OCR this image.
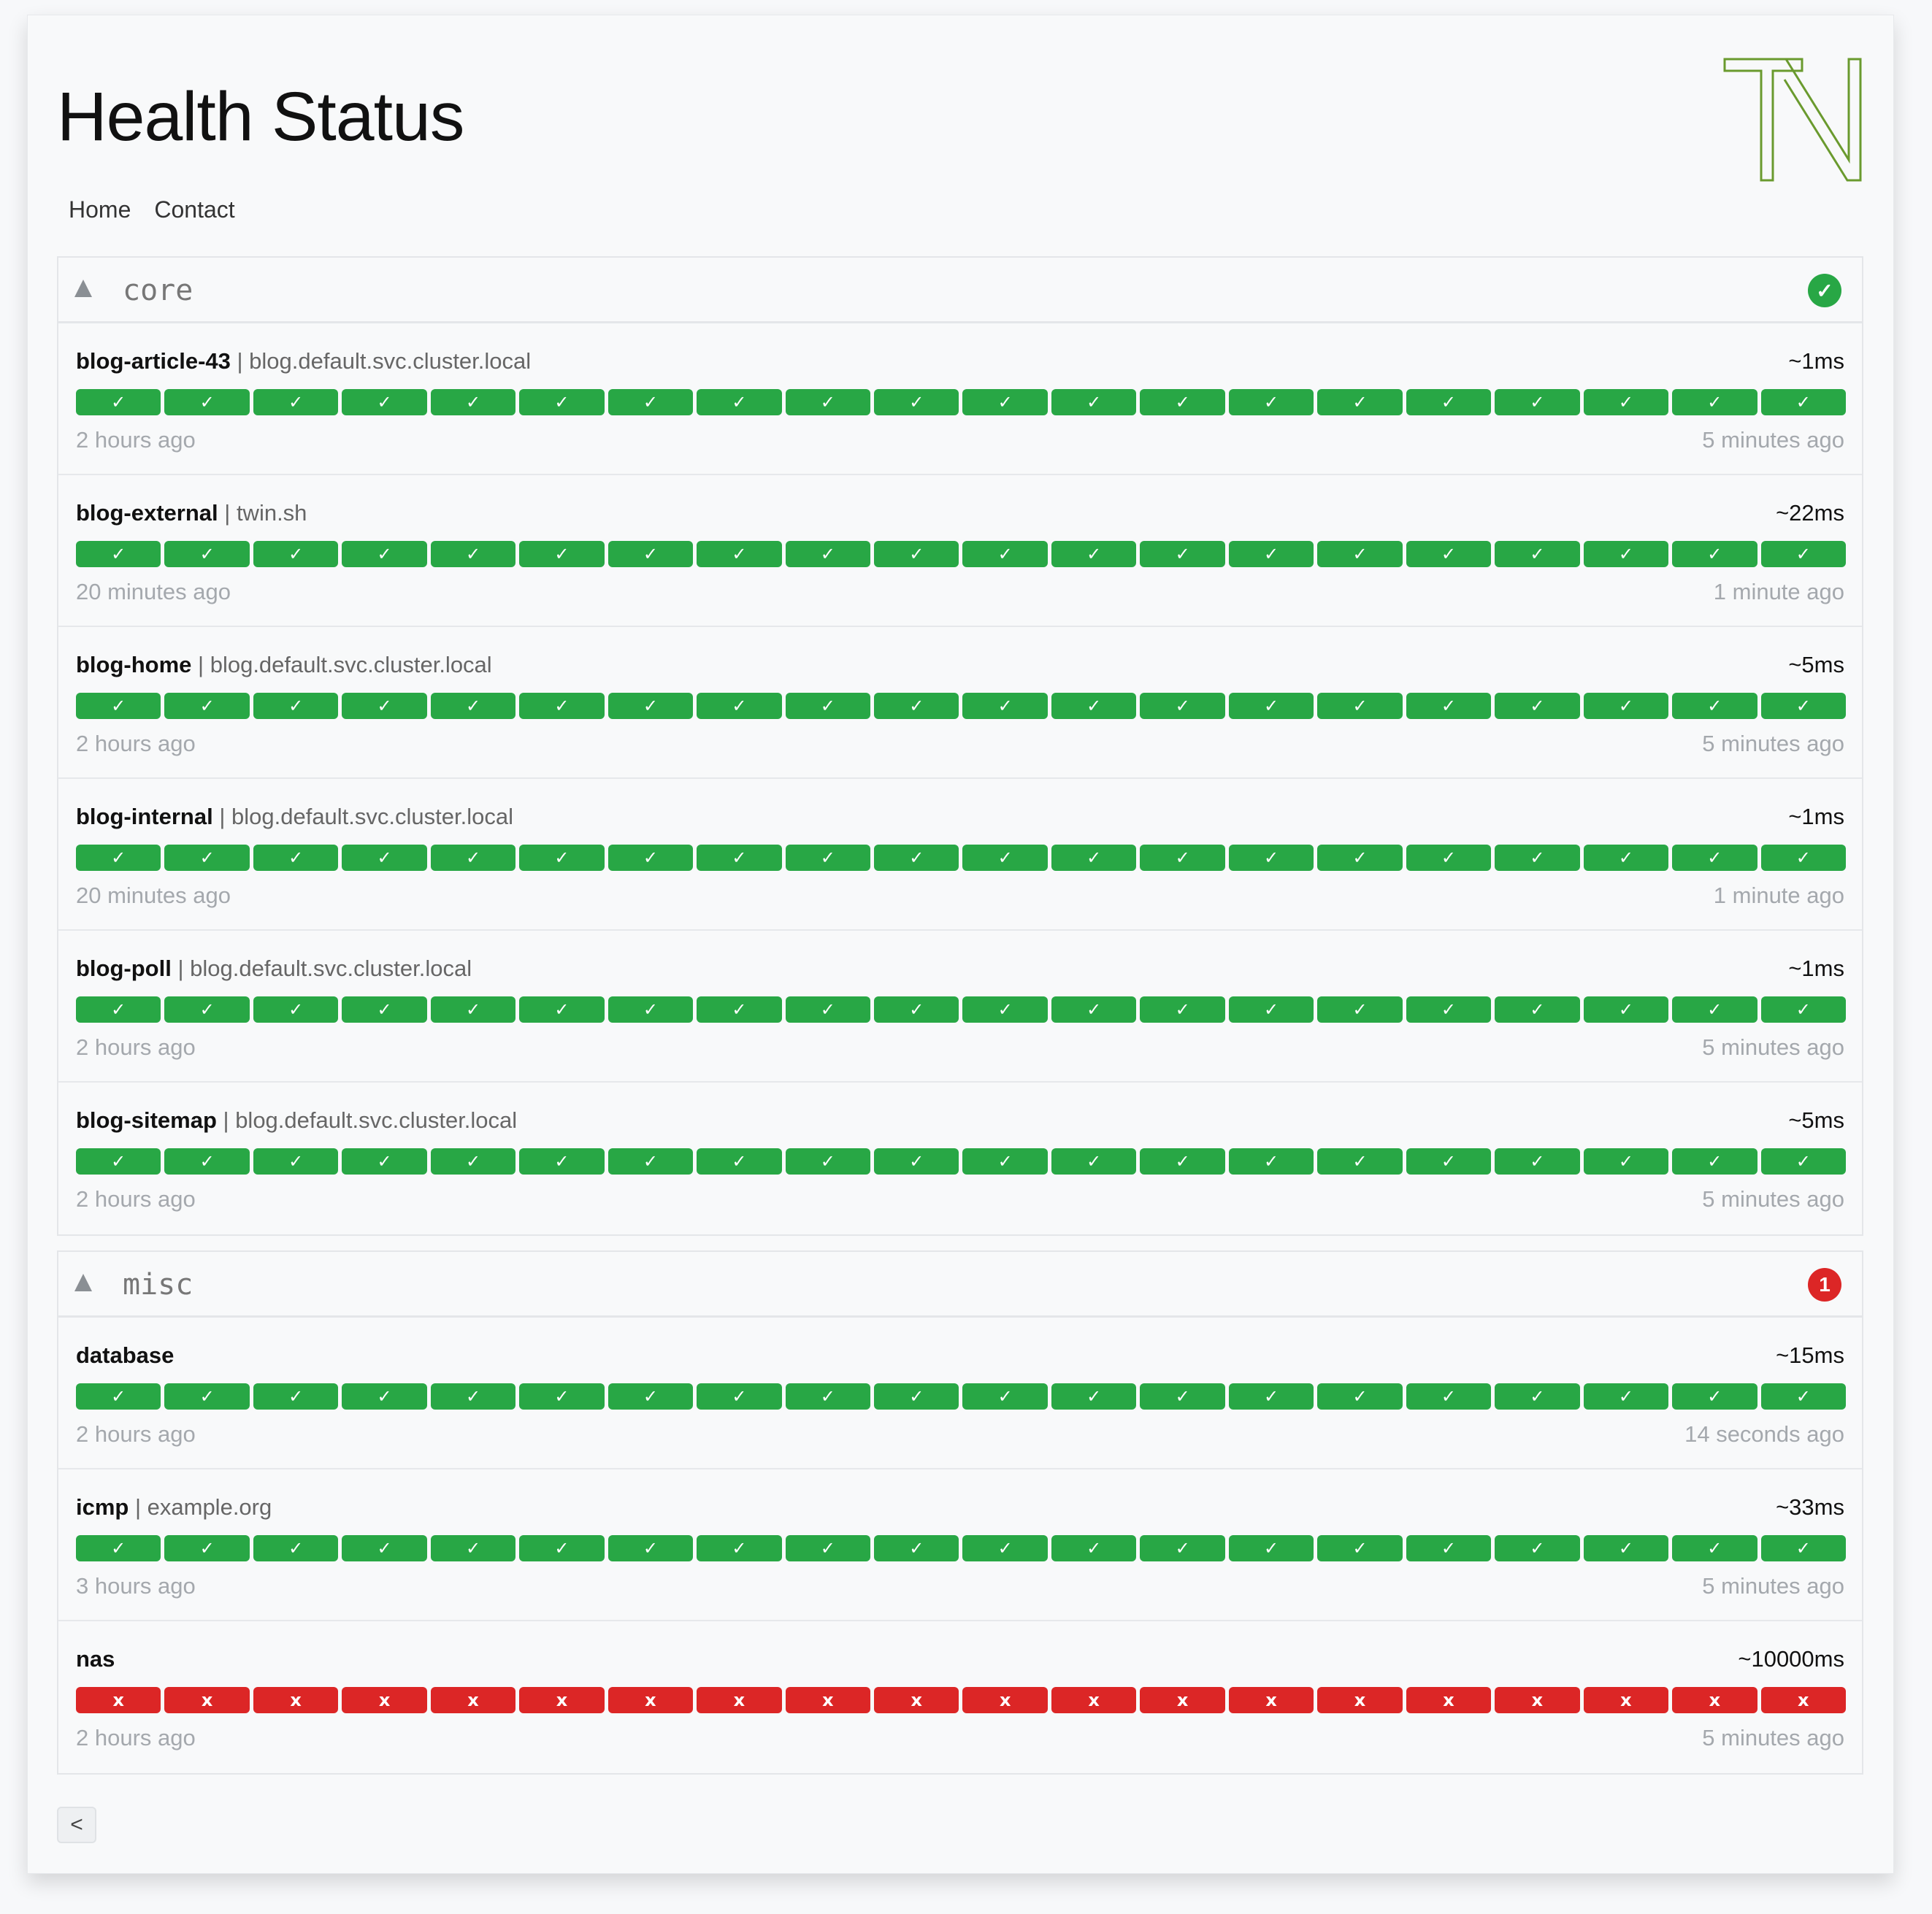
Health Status
Home Contact
core	✓
blog-article-43 | blog.default.svc.cluster.local	~1ms
✓	✓	✓	✓	✓	✓	✓	✓	✓	✓	✓	✓	✓	✓	✓	✓	✓	✓	✓	✓
2 hours ago	5 minutes ago
blog-external | twin.sh	~22ms
✓	✓	✓	✓	✓	✓	✓	✓	✓	✓	✓	✓	✓	✓	✓	✓	✓	✓	✓	✓
20 minutes ago	1 minute ago
blog-home | blog.default.svc.cluster.local	~5ms
✓	✓	✓	✓	✓	✓	✓	✓	✓	✓	✓	✓	✓	✓	✓	✓	✓	✓	✓	✓
2 hours ago	5 minutes ago
blog-internal | blog.default.svc.cluster.local	~1ms
✓	✓	✓	✓	✓	✓	✓	✓	✓	✓	✓	✓	✓	✓	✓	✓	✓	✓	✓	✓
20 minutes ago	1 minute ago
blog-poll | blog.default.svc.cluster.local	~1ms
✓	✓	✓	✓	✓	✓	✓	✓	✓	✓	✓	✓	✓	✓	✓	✓	✓	✓	✓	✓
2 hours ago	5 minutes ago
blog-sitemap | blog.default.svc.cluster.local	~5ms
✓	✓	✓	✓	✓	✓	✓	✓	✓	✓	✓	✓	✓	✓	✓	✓	✓	✓	✓	✓
2 hours ago	5 minutes ago
misc	1
database	~15ms
✓	✓	✓	✓	✓	✓	✓	✓	✓	✓	✓	✓	✓	✓	✓	✓	✓	✓	✓	✓
2 hours ago	14 seconds ago
icmp | example.org	~33ms
✓	✓	✓	✓	✓	✓	✓	✓	✓	✓	✓	✓	✓	✓	✓	✓	✓	✓	✓	✓
3 hours ago	5 minutes ago
nas	~10000ms
x	x	x	x	x	x	x	x	x	x	x	x	x	x	x	x	x	x	x	x
2 hours ago	5 minutes ago
<
